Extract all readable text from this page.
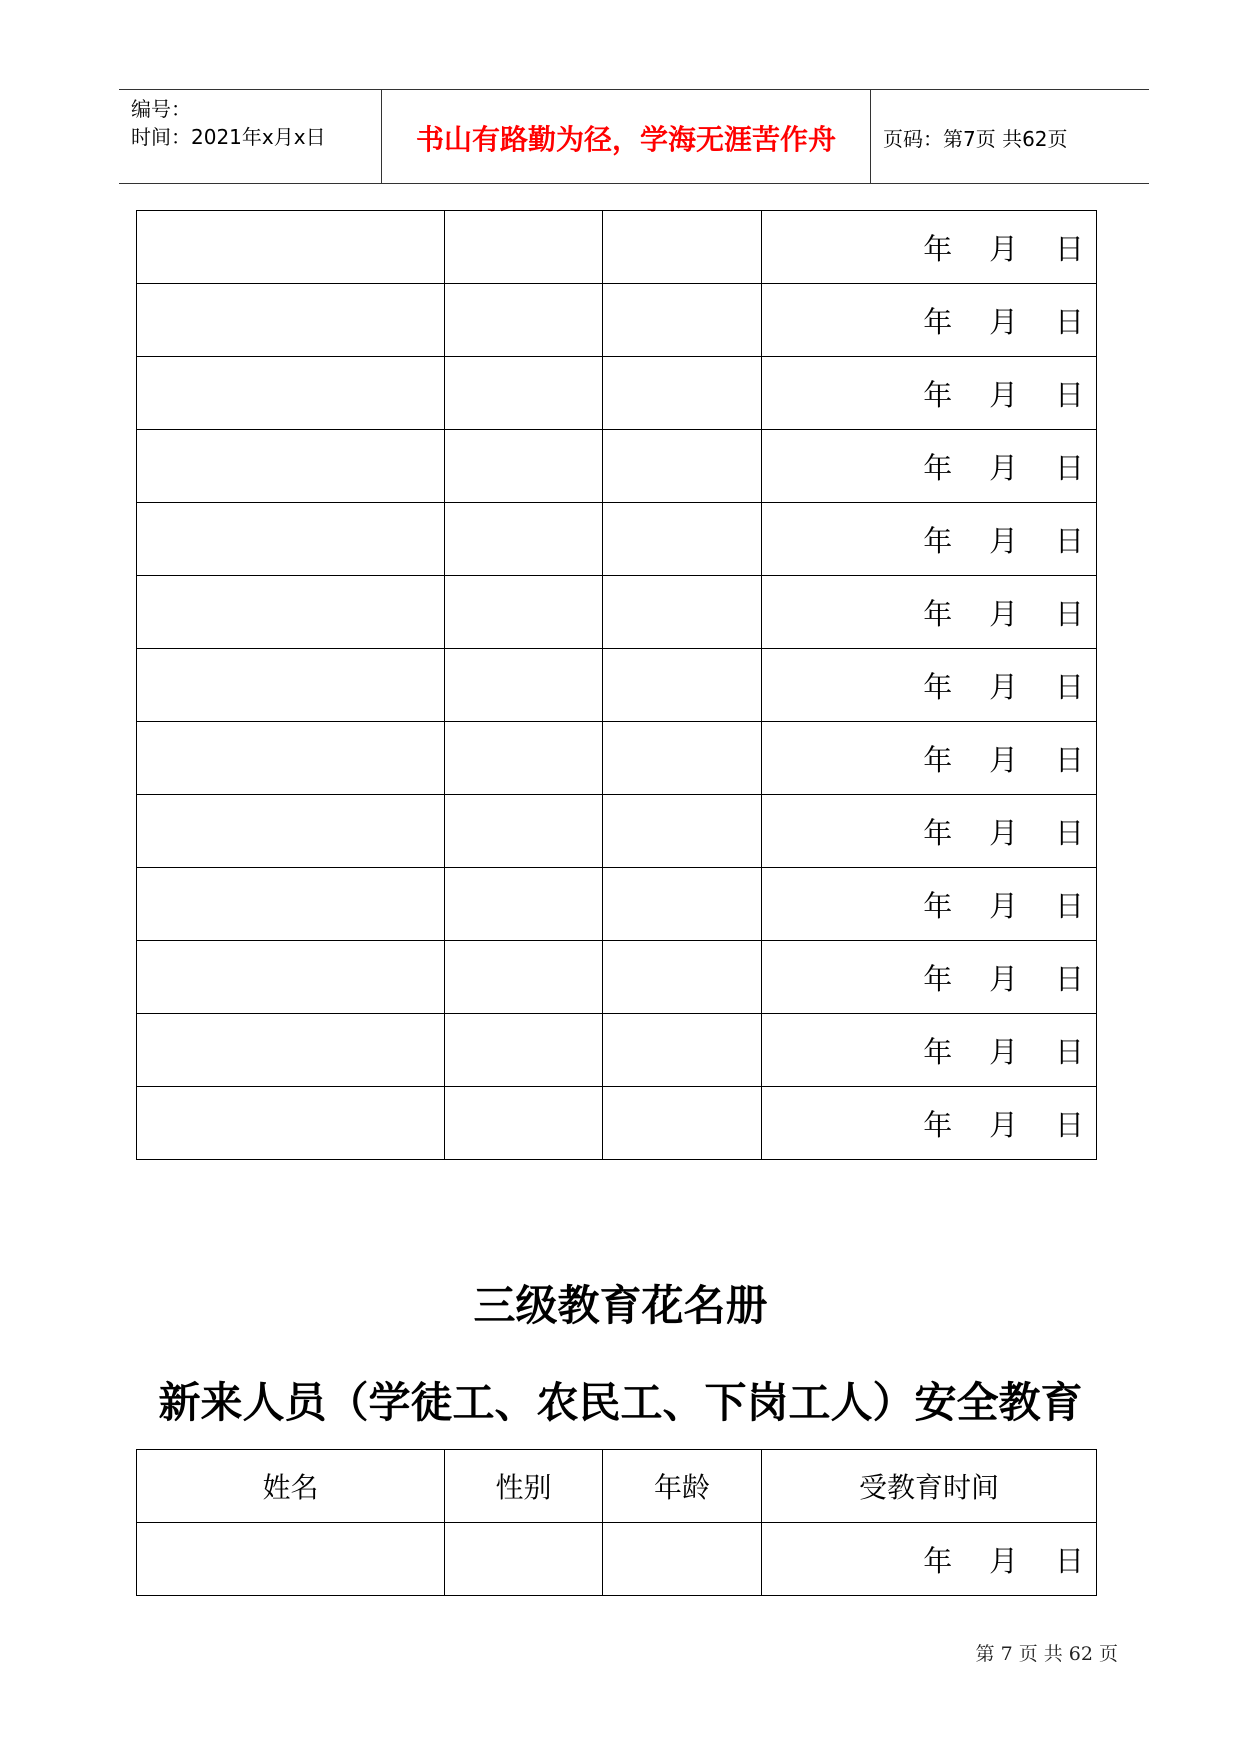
编号：
时间：2021年x月x日	书山有路勤为径，学海无涯苦作舟	页码：第7页 共62页
			年    月    日
			年    月    日
			年    月    日
			年    月    日
			年    月    日
			年    月    日
			年    月    日
			年    月    日
			年    月    日
			年    月    日
			年    月    日
			年    月    日
			年    月    日
三级教育花名册
新来人员（学徒工、农民工、下岗工人）安全教育
姓名	性别	年龄	受教育时间
			年    月    日
第 7 页 共 62 页
